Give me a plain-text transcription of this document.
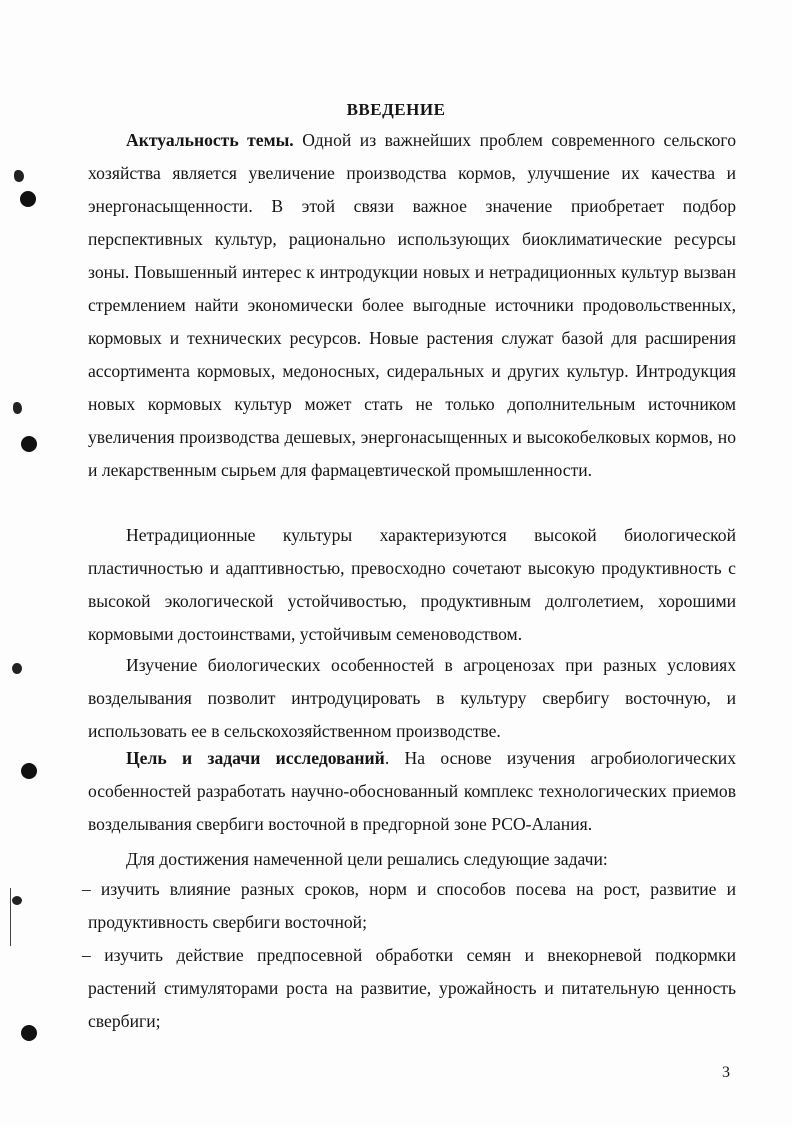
ВВЕДЕНИЕ

Актуальность темы. Одной из важнейших проблем современного сельского хозяйства является увеличение производства кормов, улучшение их качества и энергонасыщенности. В этой связи важное значение приобретает подбор перспективных культур, рационально использующих биоклиматические ресурсы зоны. Повышенный интерес к интродукции новых и нетрадиционных культур вызван стремлением найти экономически более выгодные источники продовольственных, кормовых и технических ресурсов. Новые растения служат базой для расширения ассортимента кормовых, медоносных, сидеральных и других культур. Интродукция новых кормовых культур может стать не только дополнительным источником увеличения производства дешевых, энергонасыщенных и высокобелковых кормов, но и лекарственным сырьем для фармацевтической промышленности.

Нетрадиционные культуры характеризуются высокой биологической пластичностью и адаптивностью, превосходно сочетают высокую продуктивность с высокой экологической устойчивостью, продуктивным долголетием, хорошими кормовыми достоинствами, устойчивым семеноводством.

Изучение биологических особенностей в агроценозах при разных условиях возделывания позволит интродуцировать в культуру свербигу восточную, и использовать ее в сельскохозяйственном производстве.

Цель и задачи исследований. На основе изучения агробиологических особенностей разработать научно-обоснованный комплекс технологических приемов возделывания свербиги восточной в предгорной зоне РСО-Алания.

Для достижения намеченной цели решались следующие задачи:

– изучить влияние разных сроков, норм и способов посева на рост, развитие и продуктивность свербиги восточной;

– изучить действие предпосевной обработки семян и внекорневой подкормки растений стимуляторами роста на развитие, урожайность и питательную ценность свербиги;

3
